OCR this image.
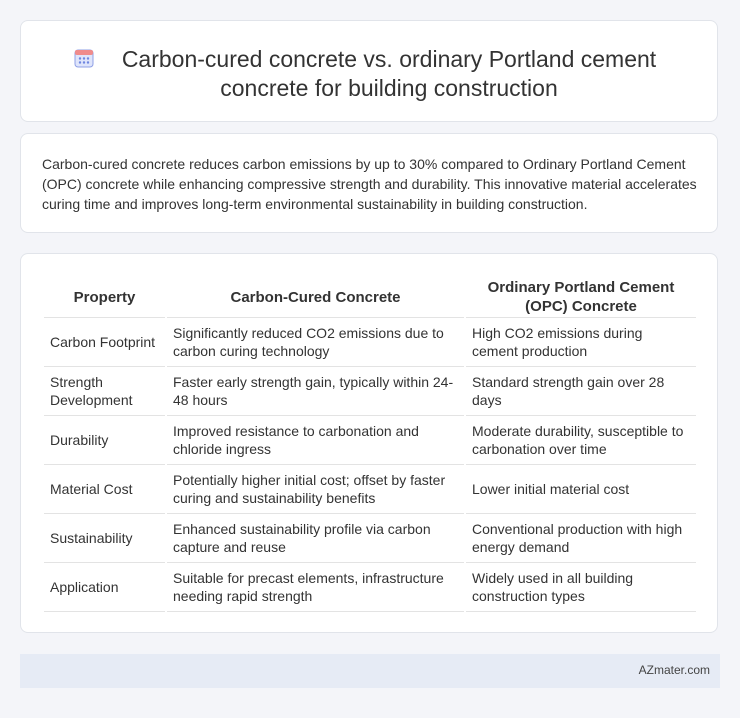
Carbon-cured concrete vs. ordinary Portland cement concrete for building construction

Carbon-cured concrete reduces carbon emissions by up to 30% compared to Ordinary Portland Cement (OPC) concrete while enhancing compressive strength and durability. This innovative material accelerates curing time and improves long-term environmental sustainability in building construction.

Property	Carbon-Cured Concrete	Ordinary Portland Cement (OPC) Concrete
Carbon Footprint	Significantly reduced CO2 emissions due to carbon curing technology	High CO2 emissions during cement production
Strength Development	Faster early strength gain, typically within 24-48 hours	Standard strength gain over 28 days
Durability	Improved resistance to carbonation and chloride ingress	Moderate durability, susceptible to carbonation over time
Material Cost	Potentially higher initial cost; offset by faster curing and sustainability benefits	Lower initial material cost
Sustainability	Enhanced sustainability profile via carbon capture and reuse	Conventional production with high energy demand
Application	Suitable for precast elements, infrastructure needing rapid strength	Widely used in all building construction types
AZmater.com
